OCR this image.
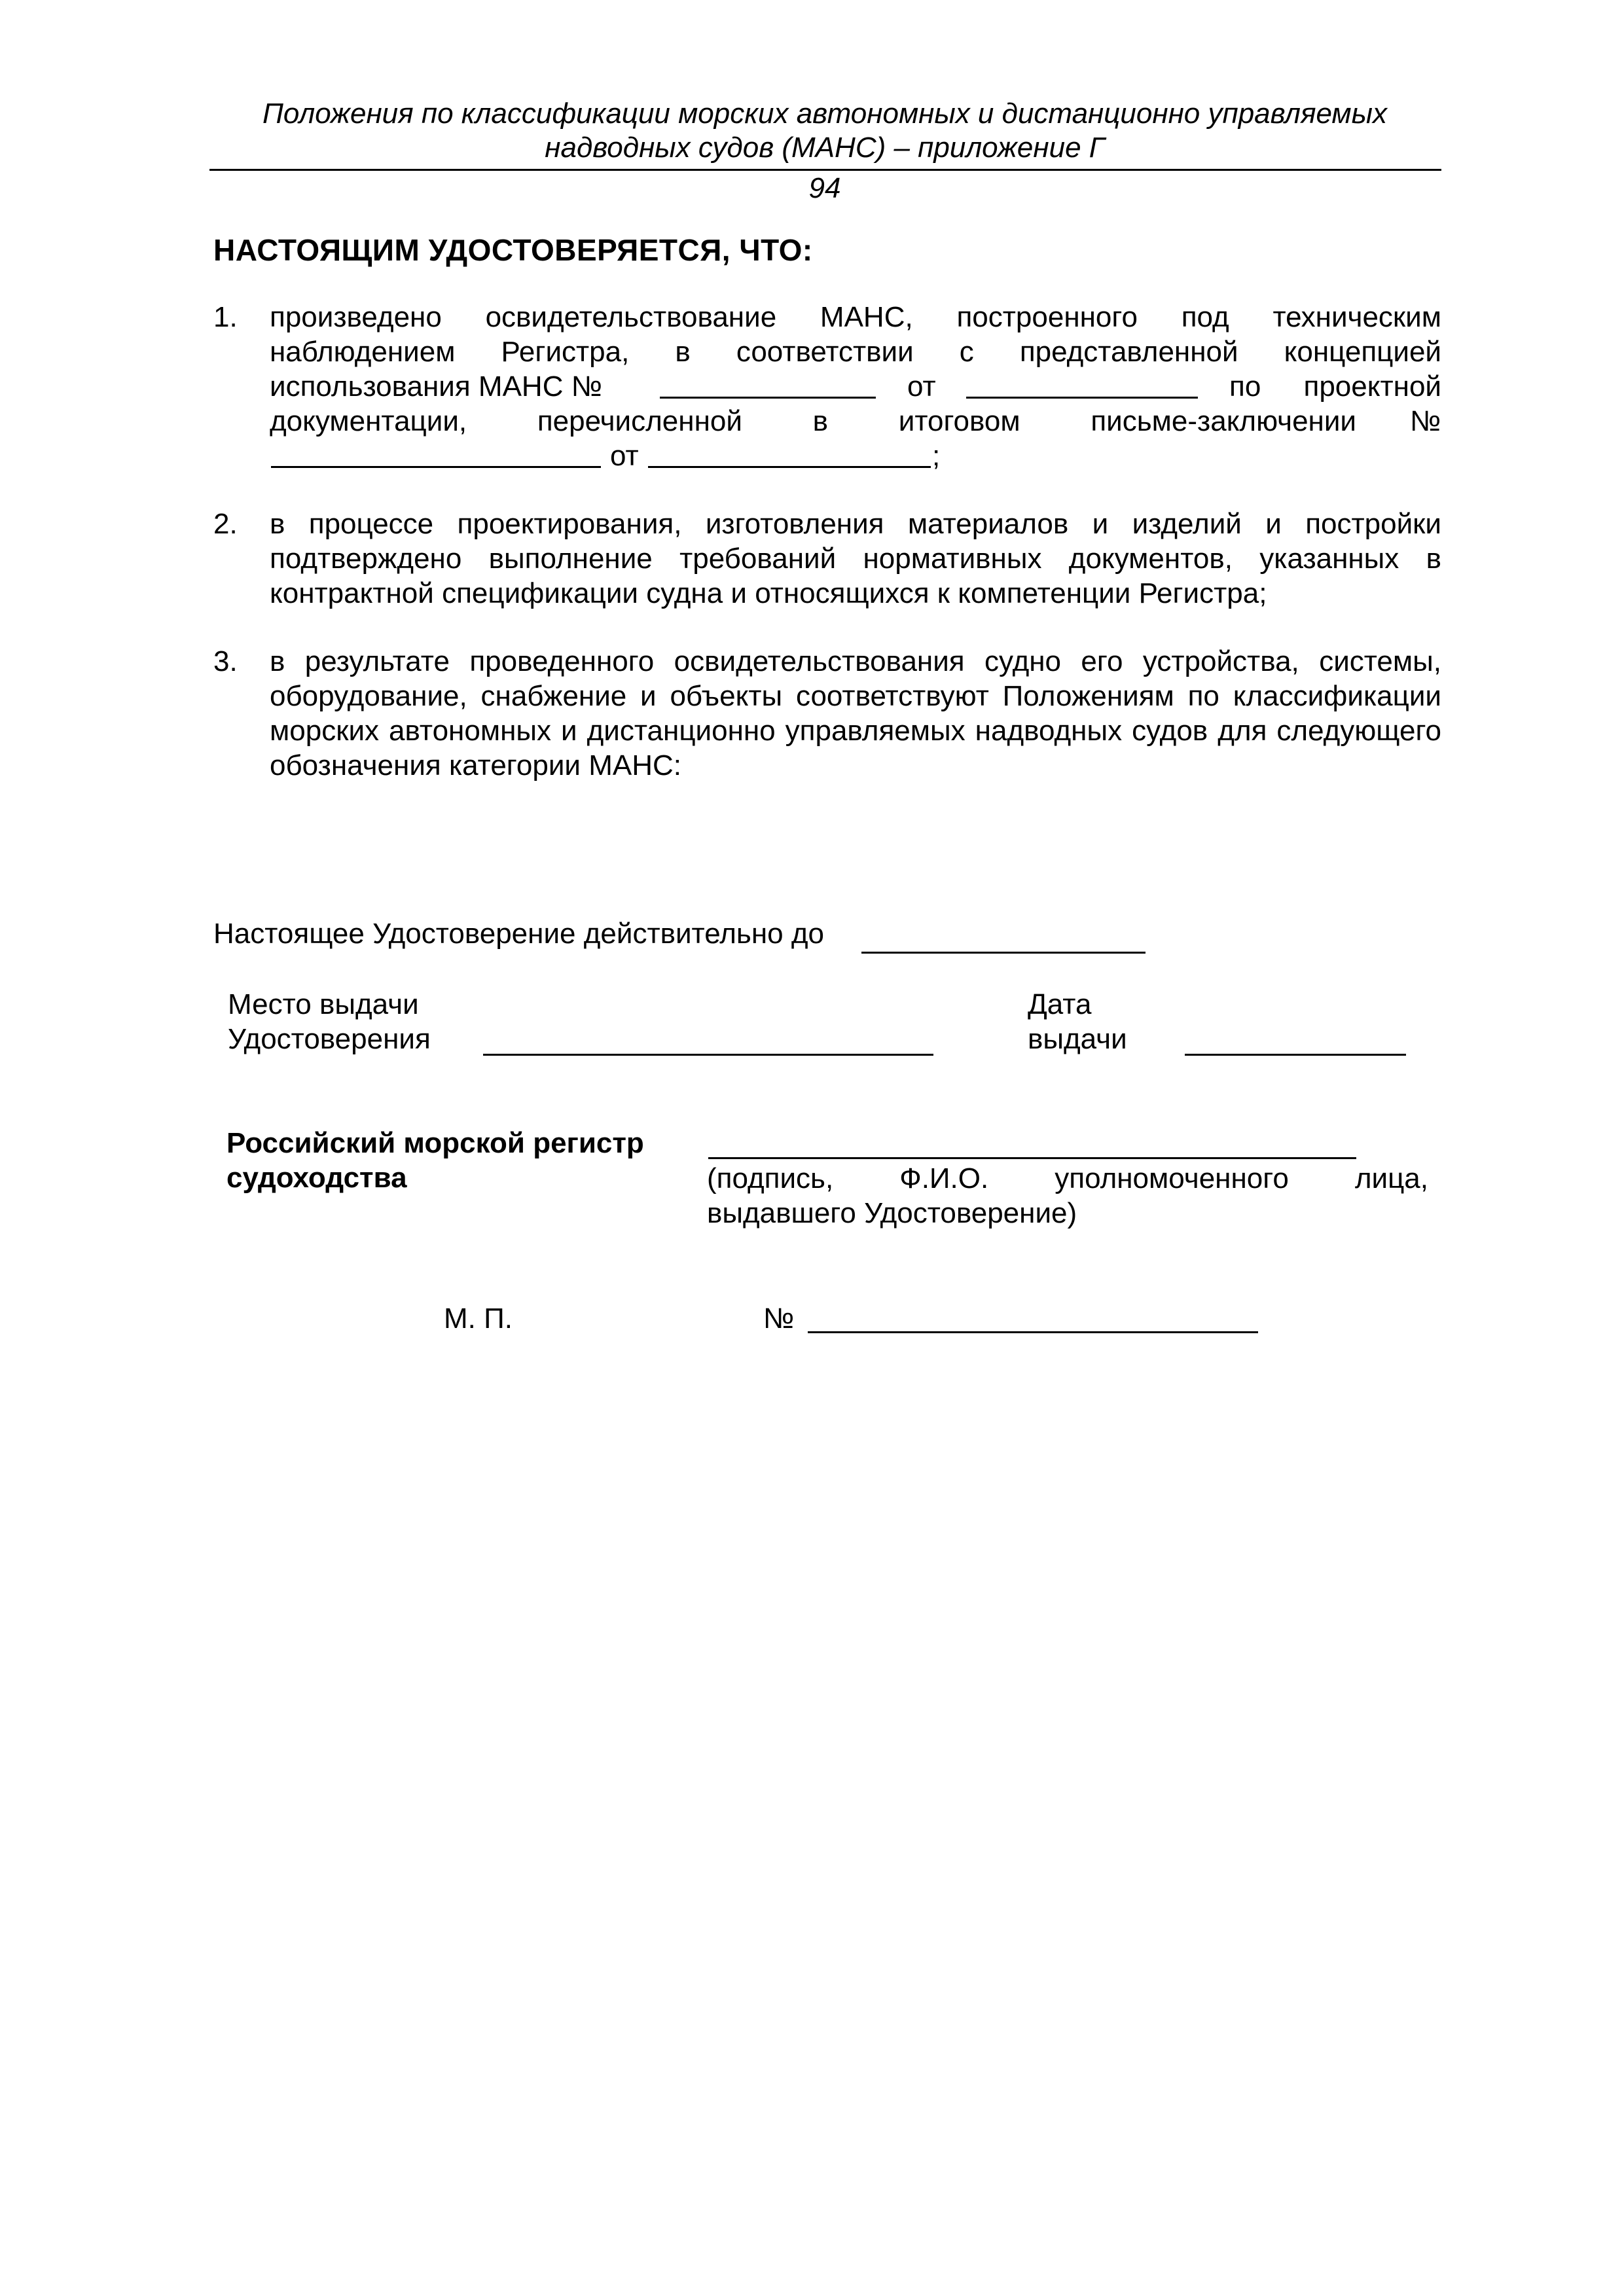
Положения по классификации морских автономных и дистанционно управляемых
надводных судов (МАНС) – приложение Г
94
НАСТОЯЩИМ УДОСТОВЕРЯЕТСЯ, ЧТО:
1. произведено освидетельствование МАНС, построенного под техническим
наблюдением Регистра, в соответствии с представленной концепцией
использования МАНС №	от	по проектной
документации, перечисленной в итоговом письме-заключении №
от	;
2. в процессе проектирования, изготовления материалов и изделий и постройки подтверждено выполнение требований нормативных документов, указанных в контрактной спецификации судна и относящихся к компетенции Регистра;
3. в результате проведенного освидетельствования судно его устройства, системы, оборудование, снабжение и объекты соответствуют Положениям по классификации морских автономных и дистанционно управляемых надводных судов для следующего обозначения категории МАНС:
Настоящее Удостоверение действительно до
Место выдачи
Удостоверения
Дата
выдачи
Российский морской регистр
судоходства	(подпись, Ф.И.О. уполномоченного лица,
выдавшего Удостоверение)
М. П.	№
